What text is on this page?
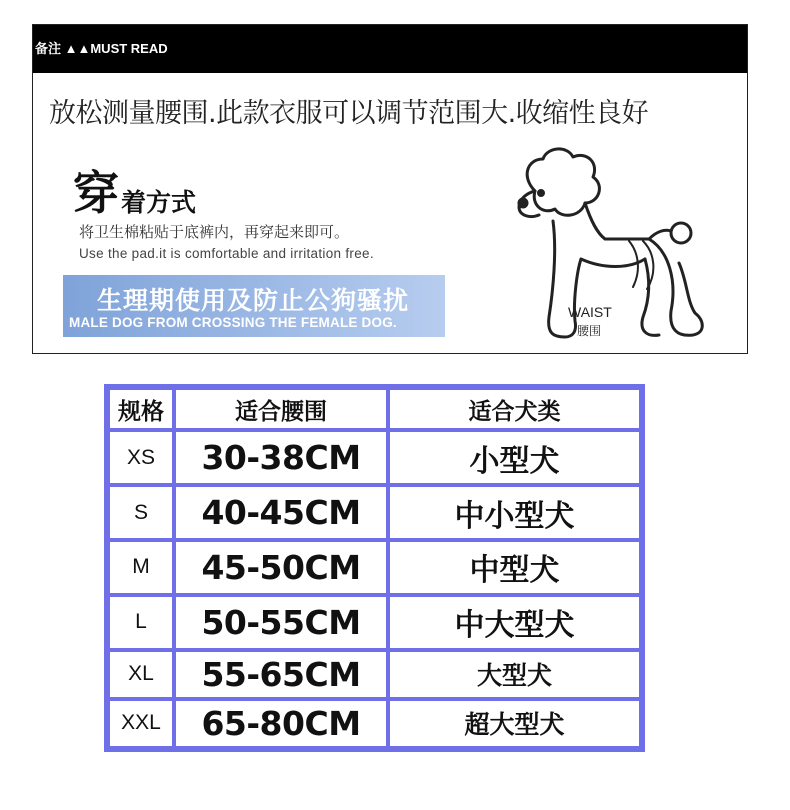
备注 ▲▲MUST READ
放松测量腰围.此款衣服可以调节范围大.收缩性良好
穿着方式
将卫生棉粘贴于底裤内，再穿起来即可。
Use the pad.it is comfortable and irritation free.
生理期使用及防止公狗骚扰
MALE DOG FROM CROSSING THE FEMALE DOG.
WAIST
腰围
规格	适合腰围	适合犬类
XS	30-38CM	小型犬
S	40-45CM	中小型犬
M	45-50CM	中型犬
L	50-55CM	中大型犬
XL	55-65CM	大型犬
XXL	65-80CM	超大型犬
